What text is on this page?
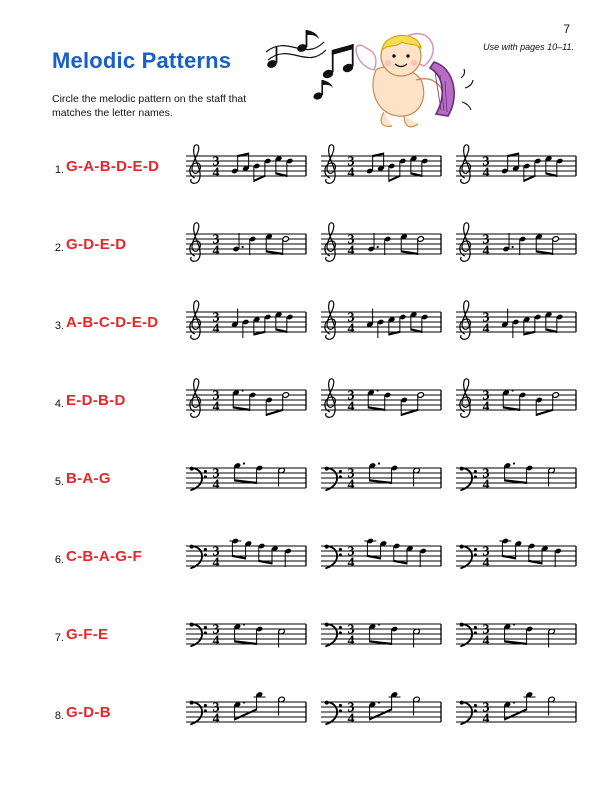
7
Use with pages 10–11.
Melodic Patterns
Circle the melodic pattern on the staff that matches the letter names.
1. G-A-B-D-E-D	3
4
3
4
3
4
2. G-D-E-D	3
4
3
4
3
4
3. A-B-C-D-E-D	3
4
3
4
3
4
4. E-D-B-D	3
4
3
4
3
4
5. B-A-G	3
4
3
4
3
4
6. C-B-A-G-F	3
4
3
4
3
4
7. G-F-E	3
4
3
4
3
4
8. G-D-B	3
4
3
4
3
4
